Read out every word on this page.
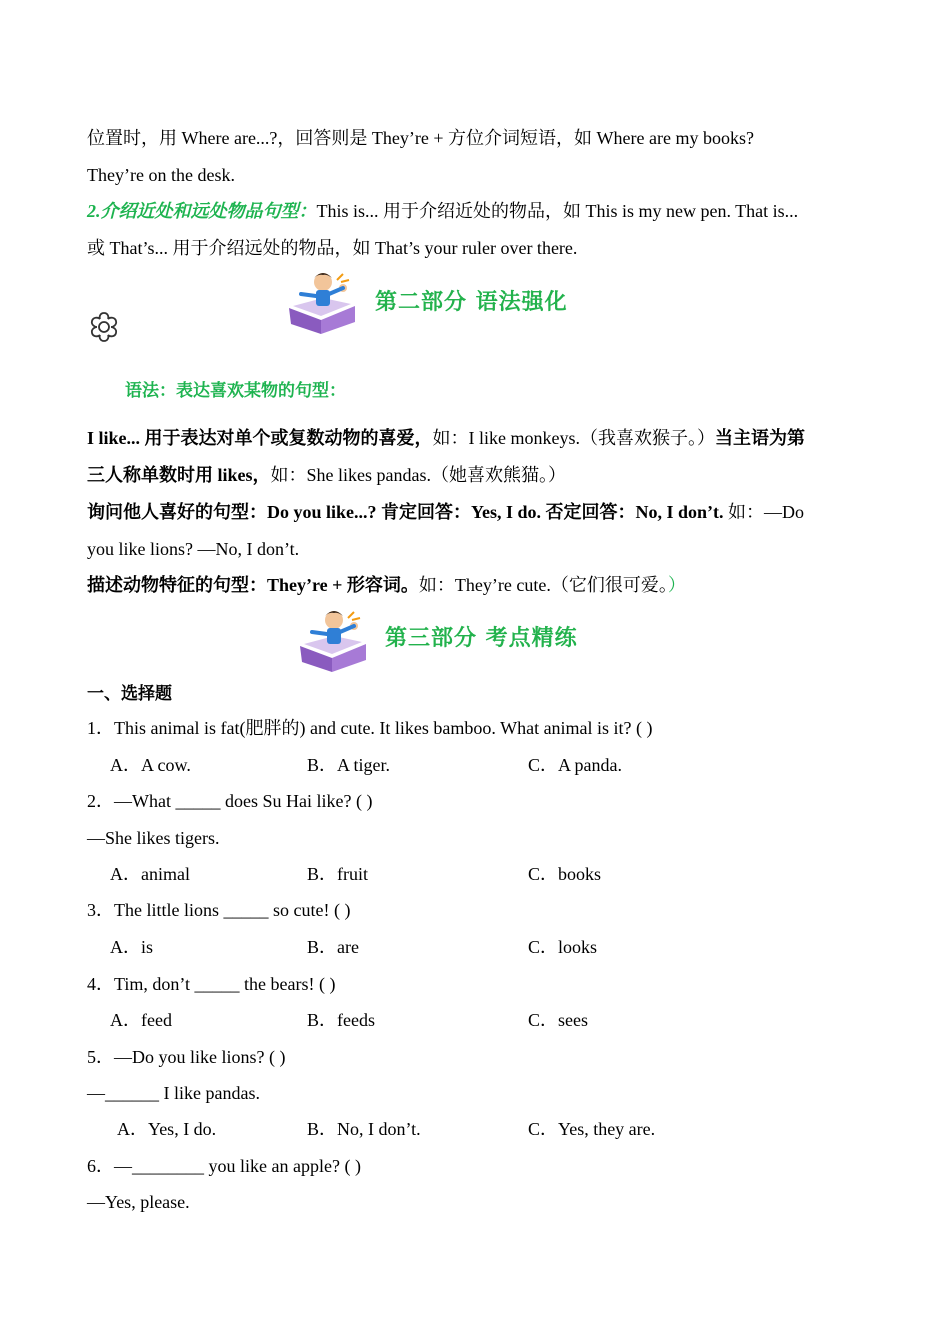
位置时，用 Where are...?，回答则是 They’re + 方位介词短语，如 Where are my books?
They’re on the desk.
2.介绍近处和远处物品句型：This is... 用于介绍近处的物品，如 This is my new pen. That is...
或 That’s... 用于介绍远处的物品，如 That’s your ruler over there.
第二部分 语法强化
语法：表达喜欢某物的句型：
I like... 用于表达对单个或复数动物的喜爱，如：I like monkeys.（我喜欢猴子。）当主语为第
三人称单数时用 likes，如：She likes pandas.（她喜欢熊猫。）
询问他人喜好的句型：Do you like...? 肯定回答：Yes, I do. 否定回答：No, I don’t. 如：—Do
you like lions? —No, I don’t.
描述动物特征的句型：They’re + 形容词。如：They’re cute.（它们很可爱。）
第三部分 考点精练
一、选择题
1．This animal is fat(肥胖的) and cute. It likes bamboo. What animal is it? ( )
A．A cow.	B．A tiger.	C．A panda.
2．—What _____ does Su Hai like? ( )
—She likes tigers.
A．animal	B．fruit	C．books
3．The little lions _____ so cute! ( )
A．is	B．are	C．looks
4．Tim, don’t _____ the bears! ( )
A．feed	B．feeds	C．sees
5．—Do you like lions? ( )
—______ I like pandas.
A．Yes, I do.	B．No, I don’t.	C．Yes, they are.
6．—________ you like an apple? ( )
—Yes, please.
